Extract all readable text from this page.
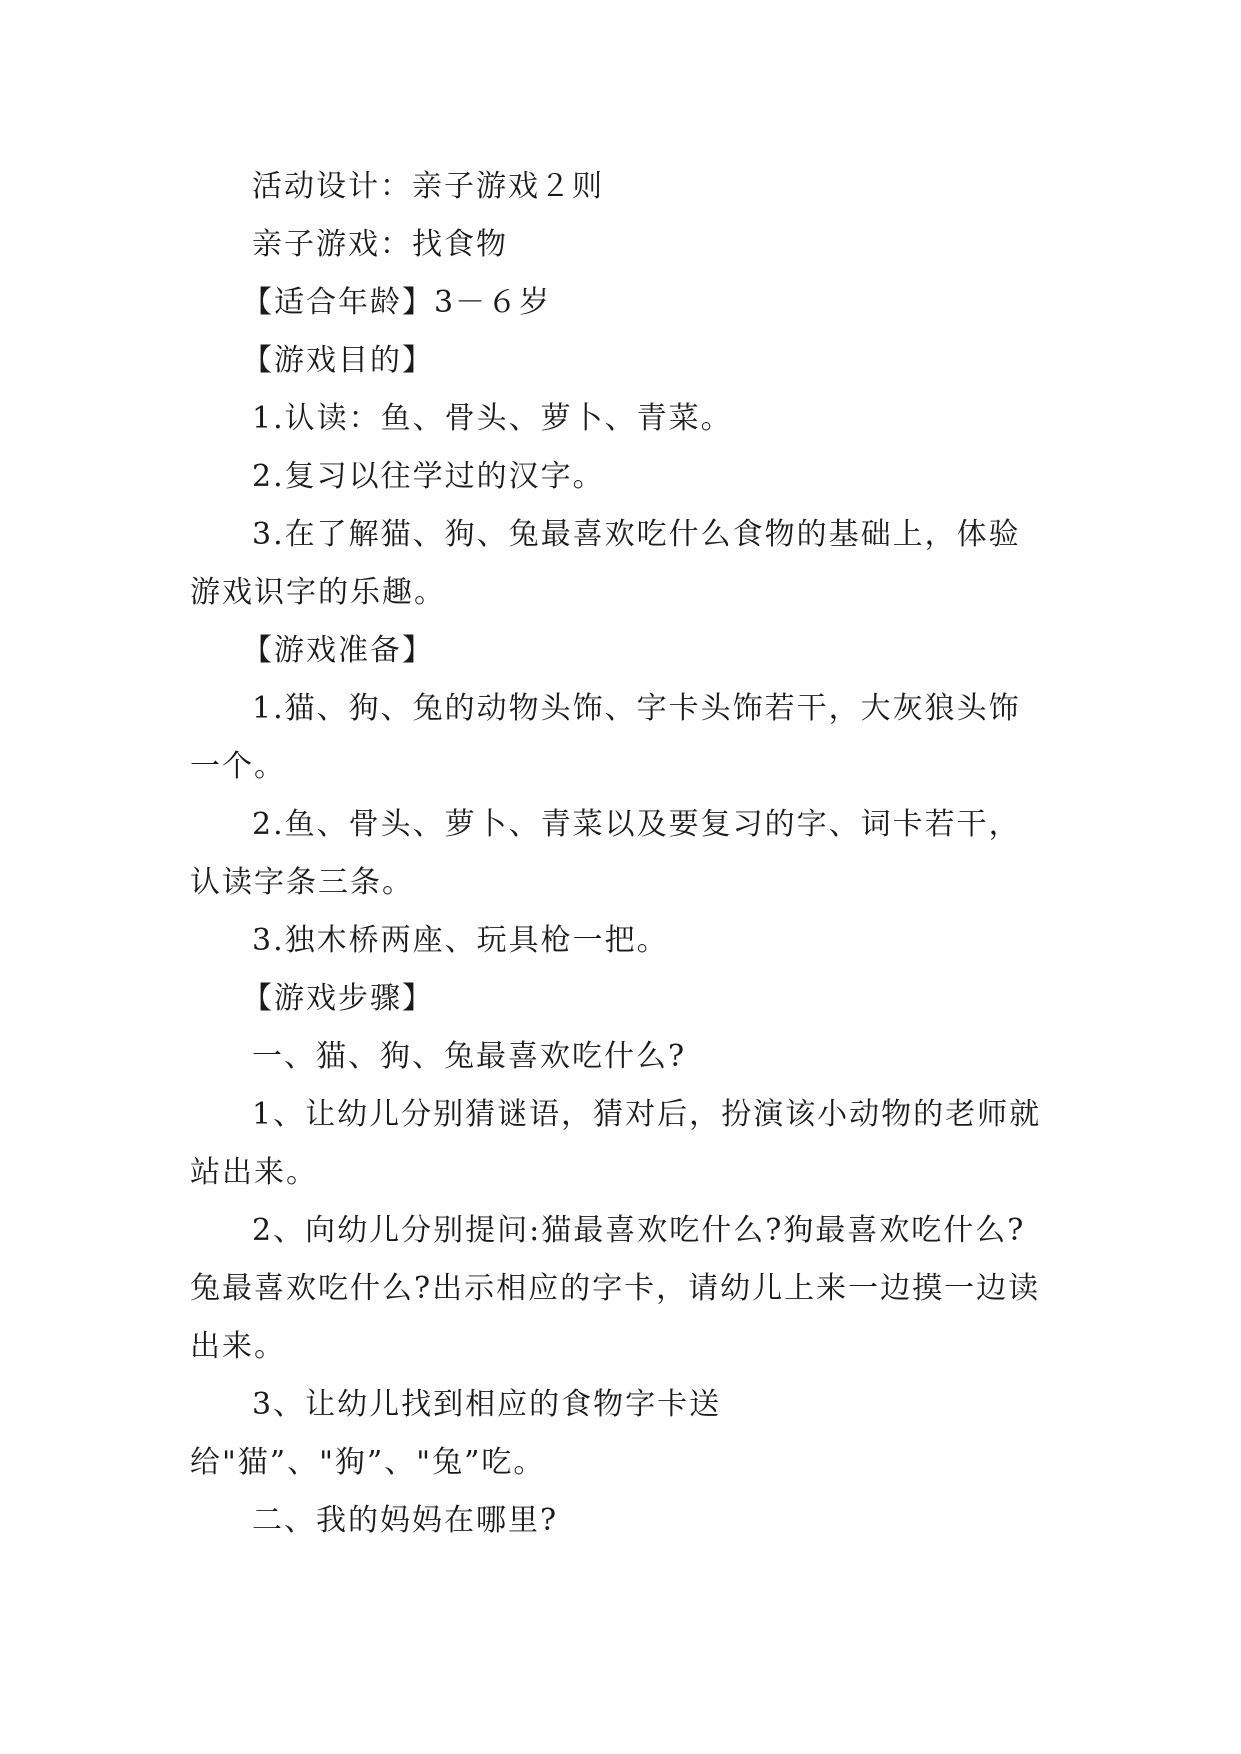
活动设计：亲子游戏２则

亲子游戏：找食物

【适合年龄】3－６岁

【游戏目的】

1.认读：鱼、骨头、萝卜、青菜。

2.复习以往学过的汉字。

3.在了解猫、狗、兔最喜欢吃什么食物的基础上，体验游戏识字的乐趣。

【游戏准备】

1.猫、狗、兔的动物头饰、字卡头饰若干，大灰狼头饰一个。

2.鱼、骨头、萝卜、青菜以及要复习的字、词卡若干，认读字条三条。

3.独木桥两座、玩具枪一把。

【游戏步骤】

一、猫、狗、兔最喜欢吃什么?

1、让幼儿分别猜谜语，猜对后，扮演该小动物的老师就站出来。

2、向幼儿分别提问:猫最喜欢吃什么?狗最喜欢吃什么?兔最喜欢吃什么?出示相应的字卡，请幼儿上来一边摸一边读出来。

3、让幼儿找到相应的食物字卡送给"猫”、"狗”、"兔”吃。

二、我的妈妈在哪里?
